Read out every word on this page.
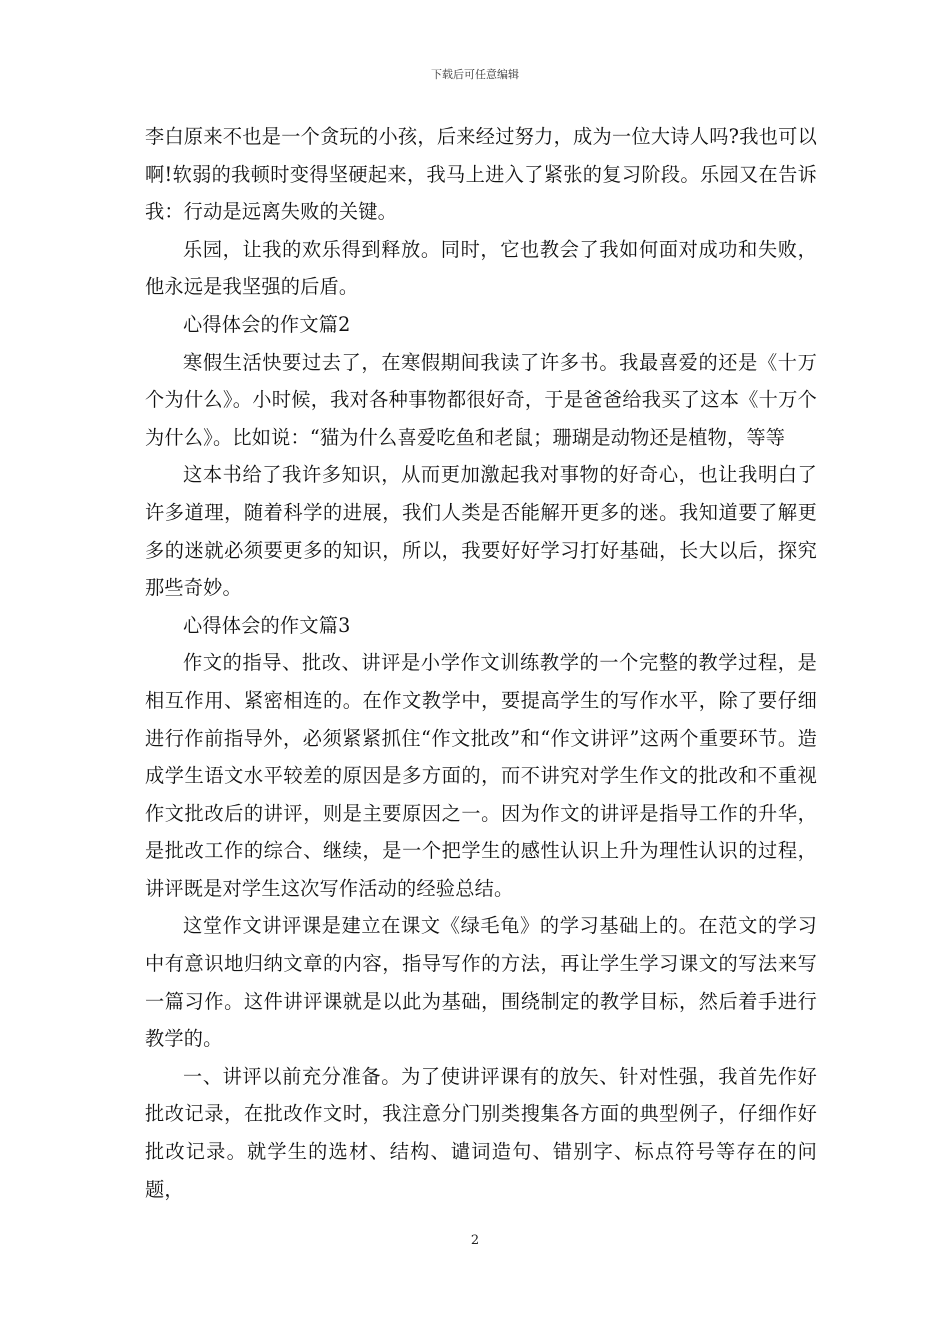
下载后可任意编辑

李白原来不也是一个贪玩的小孩，后来经过努力，成为一位大诗人吗?我也可以啊!软弱的我顿时变得坚硬起来，我马上进入了紧张的复习阶段。乐园又在告诉我：行动是远离失败的关键。

乐园，让我的欢乐得到释放。同时，它也教会了我如何面对成功和失败，他永远是我坚强的后盾。

心得体会的作文篇2

寒假生活快要过去了，在寒假期间我读了许多书。我最喜爱的还是《十万个为什么》。小时候，我对各种事物都很好奇，于是爸爸给我买了这本《十万个为什么》。比如说：“猫为什么喜爱吃鱼和老鼠；珊瑚是动物还是植物，等等

这本书给了我许多知识，从而更加激起我对事物的好奇心，也让我明白了许多道理，随着科学的进展，我们人类是否能解开更多的迷。我知道要了解更多的迷就必须要更多的知识，所以，我要好好学习打好基础，长大以后，探究那些奇妙。

心得体会的作文篇3

作文的指导、批改、讲评是小学作文训练教学的一个完整的教学过程，是相互作用、紧密相连的。在作文教学中，要提高学生的写作水平，除了要仔细进行作前指导外，必须紧紧抓住“作文批改”和“作文讲评”这两个重要环节。造成学生语文水平较差的原因是多方面的，而不讲究对学生作文的批改和不重视作文批改后的讲评，则是主要原因之一。因为作文的讲评是指导工作的升华，是批改工作的综合、继续，是一个把学生的感性认识上升为理性认识的过程，讲评既是对学生这次写作活动的经验总结。

这堂作文讲评课是建立在课文《绿毛龟》的学习基础上的。在范文的学习中有意识地归纳文章的内容，指导写作的方法，再让学生学习课文的写法来写一篇习作。这件讲评课就是以此为基础，围绕制定的教学目标，然后着手进行教学的。

一、讲评以前充分准备。为了使讲评课有的放矢、针对性强，我首先作好批改记录，在批改作文时，我注意分门别类搜集各方面的典型例子，仔细作好批改记录。就学生的选材、结构、谴词造句、错别字、标点符号等存在的问题，

2
